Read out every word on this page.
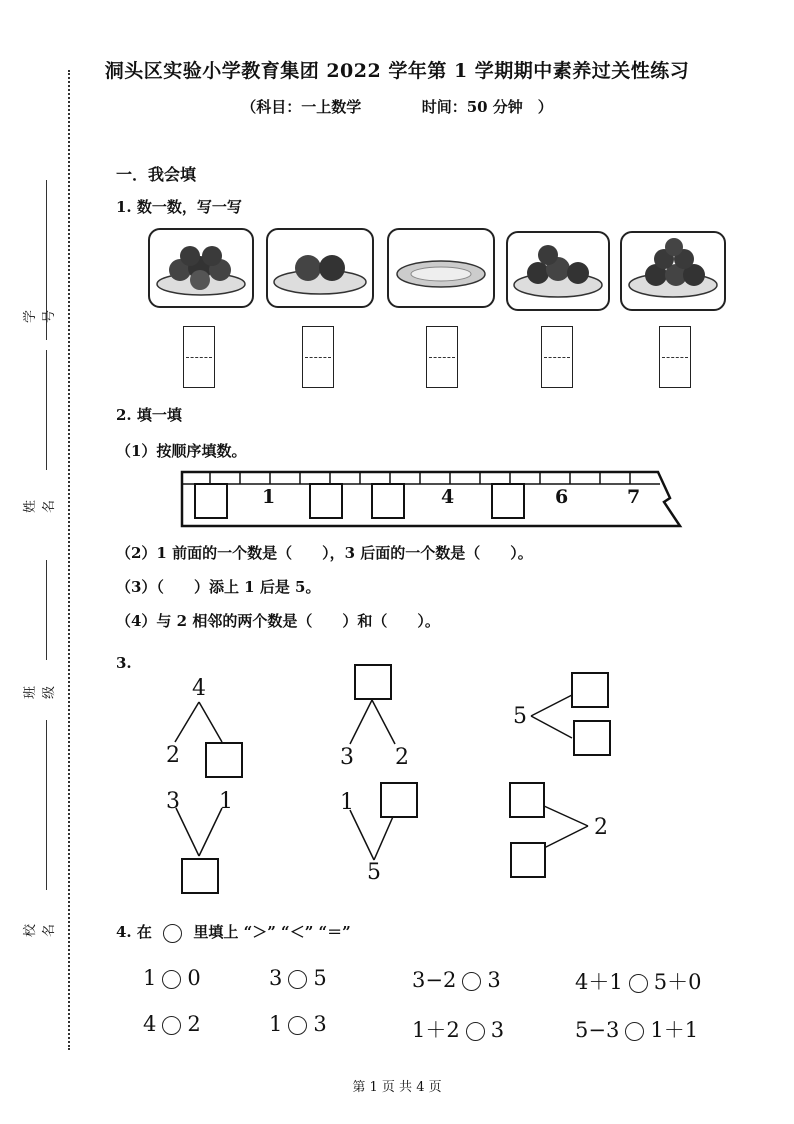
学号
姓名
班级
校名
洞头区实验小学教育集团 2022 学年第 1 学期期中素养过关性练习
（科目：一上数学	时间：50 分钟　）
一．我会填
1. 数一数，写一写
2. 填一填
（1）按顺序填数。
1	4	6	7
（2）1 前面的一个数是（　　），3 后面的一个数是（　　）。
（3）（　　）添上 1 后是 5。
（4）与 2 相邻的两个数是（　　）和（　　）。
3.
4
2	3 2
5
3 1	1
5
2
4. 在	里填上 “＞” “＜” “＝”
1 0	3 5	3−2 3	4＋1 5＋0
4 2	1 3	1＋2 3	5−3 1＋1
第 1 页 共 4 页
